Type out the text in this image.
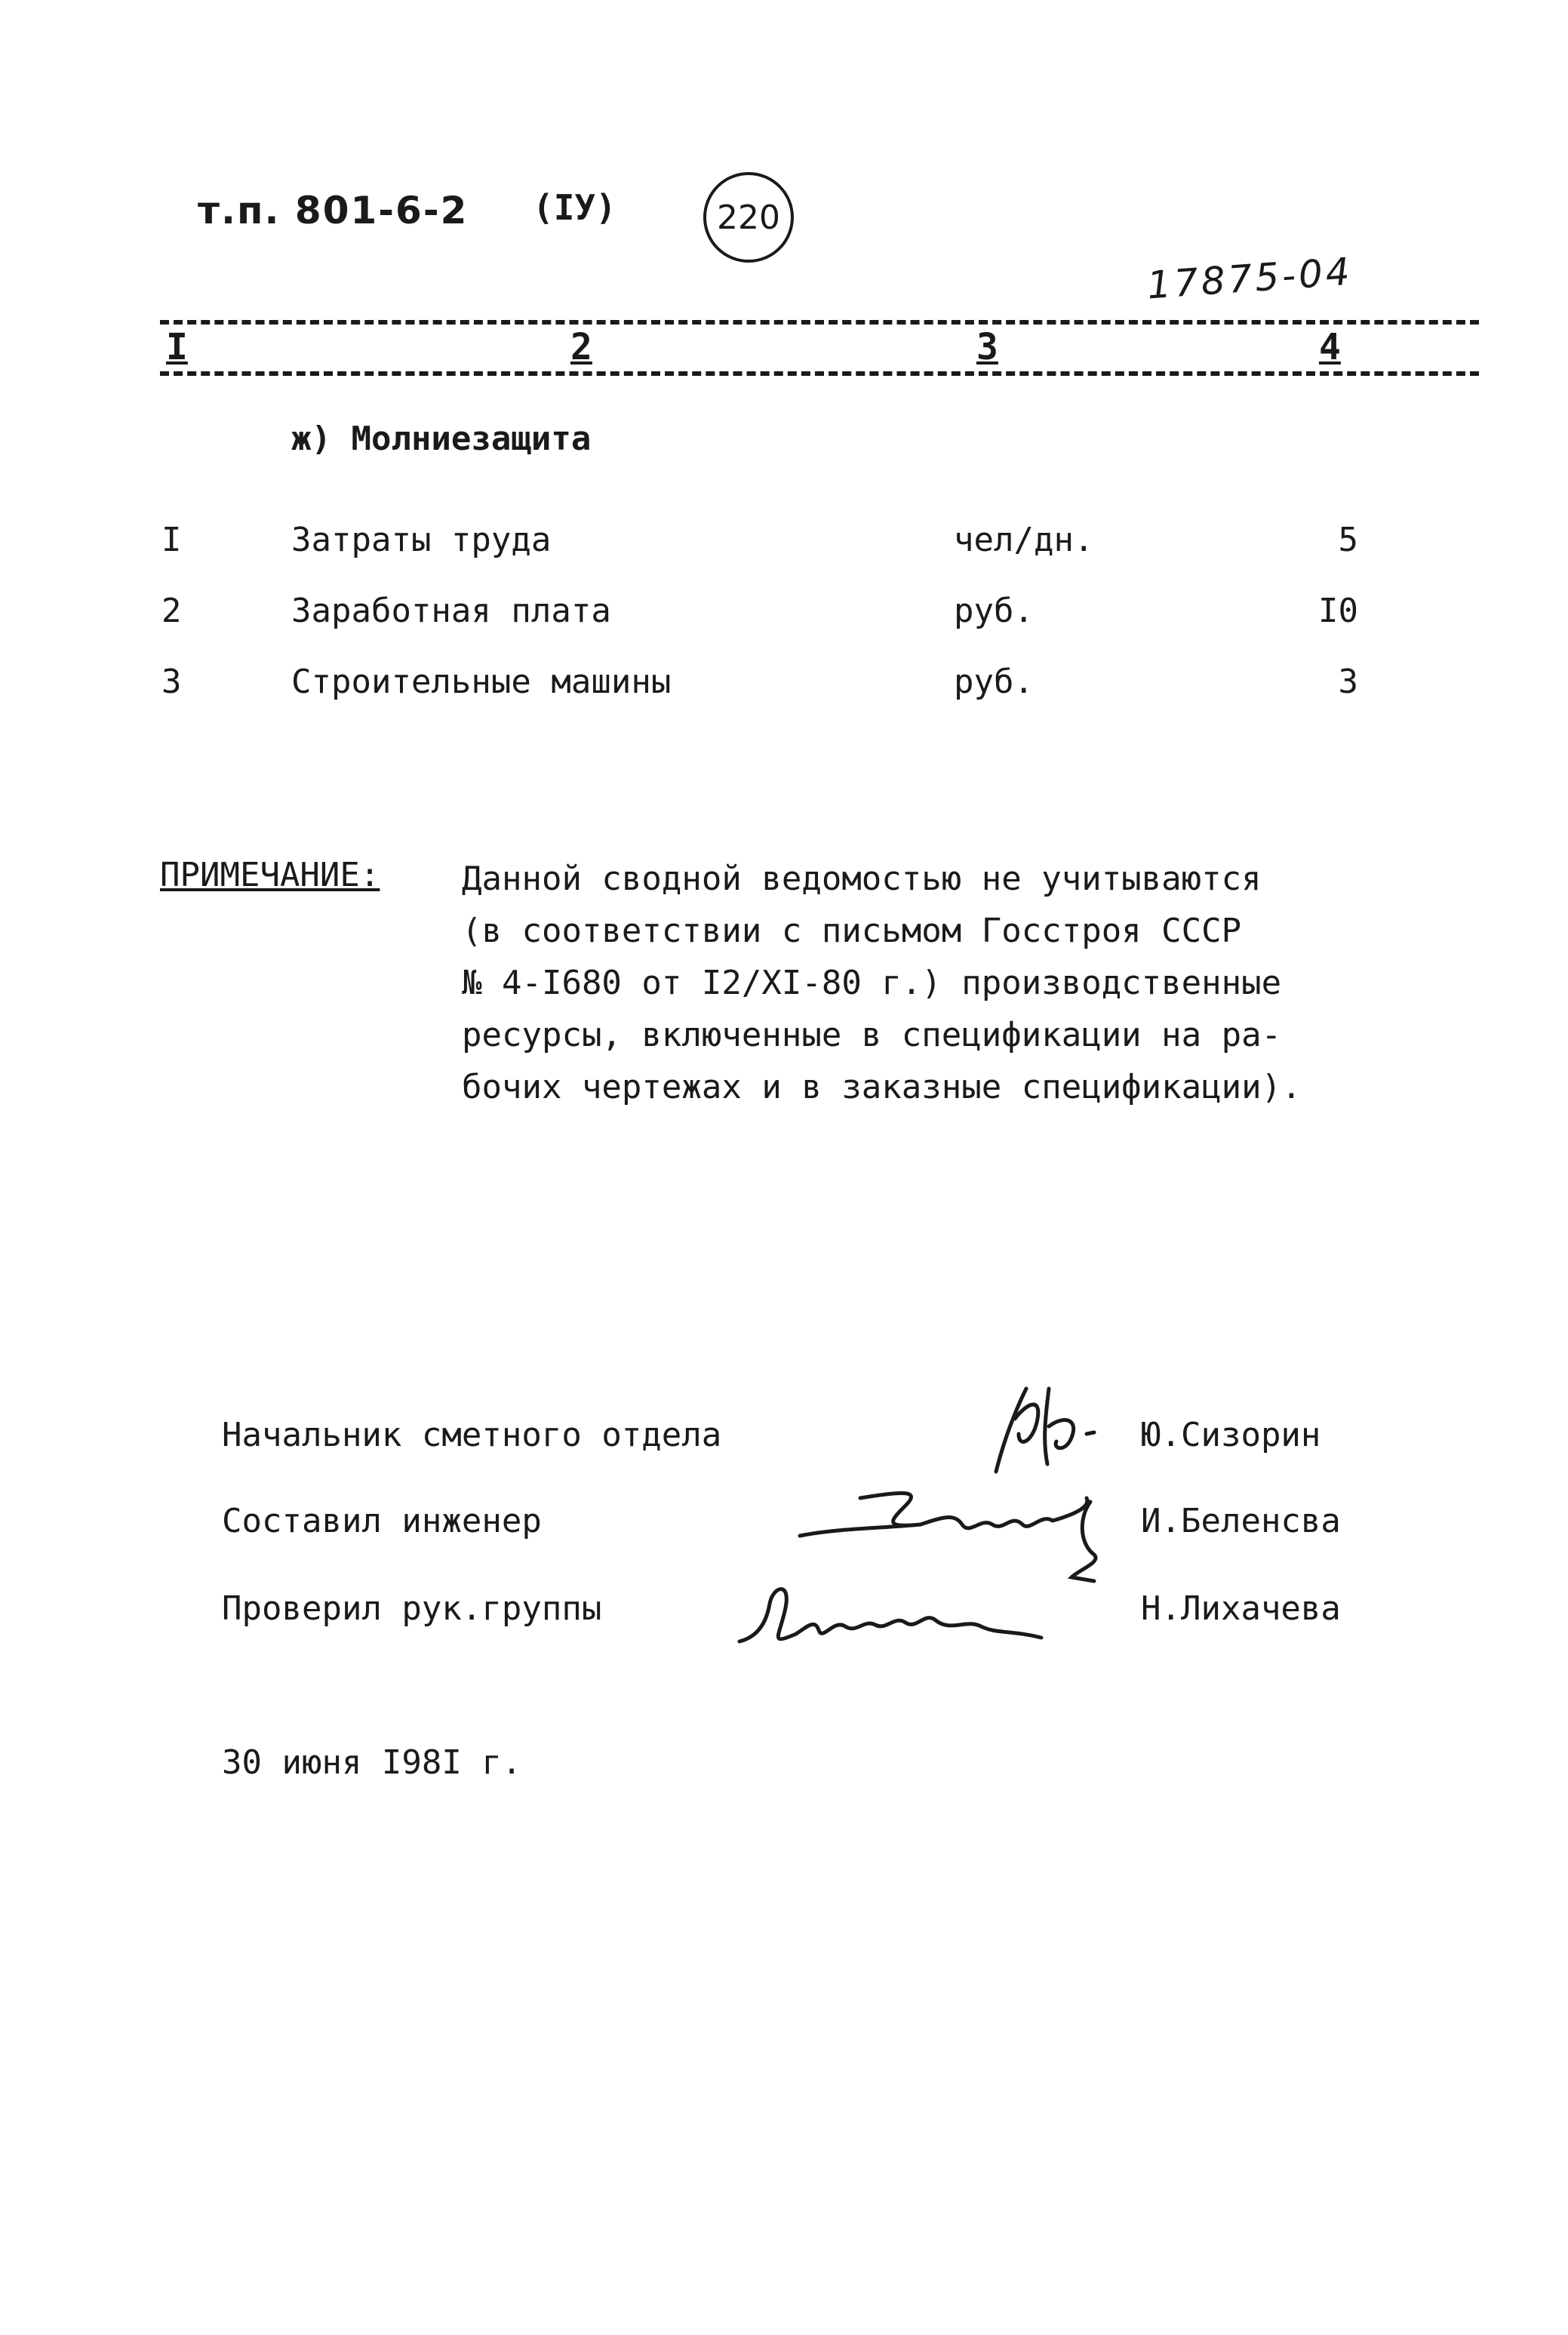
т.п. 801-6-2 (IУ)	220
17875-04
I	2	3	4
ж) Молниезащита
I	Затраты труда	чел/дн.	5
2	Заработная плата	руб.	I0
3	Строительные машины	руб.	3
ПРИМЕЧАНИЕ: Данной сводной ведомостью не учитываются
(в соответствии с письмом Госстроя СССР
№ 4-I680 от I2/XI-80 г.) производственные
ресурсы, включенные в спецификации на ра-
бочих чертежах и в заказные спецификации).
Начальник сметного отдела	Ю.Сизорин
Составил инженер	И.Беленсва
Проверил рук.группы	Н.Лихачева
30 июня I98I г.
